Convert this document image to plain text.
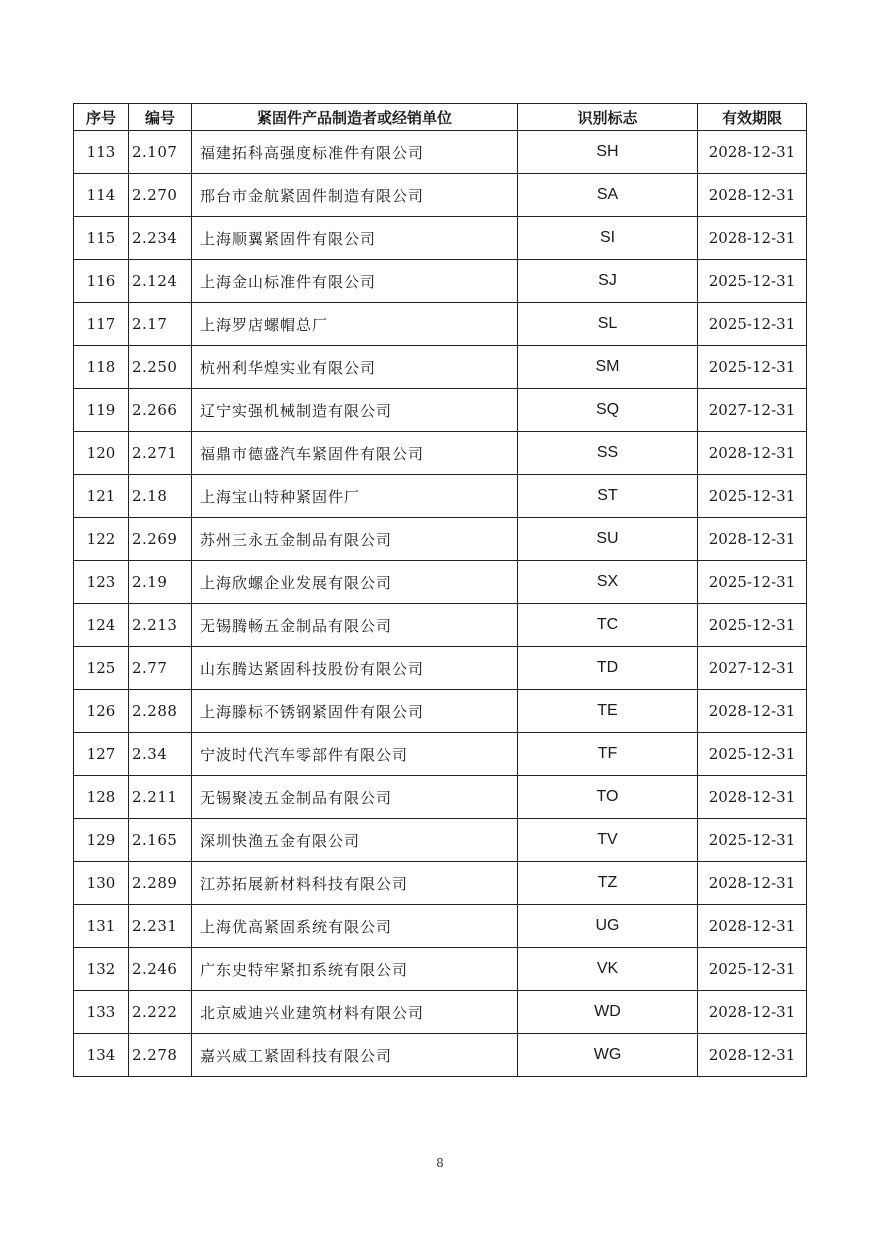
序号	编号	紧固件产品制造者或经销单位	识别标志	有效期限
113	2.107	福建拓科高强度标准件有限公司	SH	2028-12-31
114	2.270	邢台市金航紧固件制造有限公司	SA	2028-12-31
115	2.234	上海顺翼紧固件有限公司	SI	2028-12-31
116	2.124	上海金山标准件有限公司	SJ	2025-12-31
117	2.17	上海罗店螺帽总厂	SL	2025-12-31
118	2.250	杭州利华煌实业有限公司	SM	2025-12-31
119	2.266	辽宁实强机械制造有限公司	SQ	2027-12-31
120	2.271	福鼎市德盛汽车紧固件有限公司	SS	2028-12-31
121	2.18	上海宝山特种紧固件厂	ST	2025-12-31
122	2.269	苏州三永五金制品有限公司	SU	2028-12-31
123	2.19	上海欣螺企业发展有限公司	SX	2025-12-31
124	2.213	无锡腾畅五金制品有限公司	TC	2025-12-31
125	2.77	山东腾达紧固科技股份有限公司	TD	2027-12-31
126	2.288	上海滕标不锈钢紧固件有限公司	TE	2028-12-31
127	2.34	宁波时代汽车零部件有限公司	TF	2025-12-31
128	2.211	无锡聚凌五金制品有限公司	TO	2028-12-31
129	2.165	深圳快渔五金有限公司	TV	2025-12-31
130	2.289	江苏拓展新材料科技有限公司	TZ	2028-12-31
131	2.231	上海优高紧固系统有限公司	UG	2028-12-31
132	2.246	广东史特牢紧扣系统有限公司	VK	2025-12-31
133	2.222	北京威迪兴业建筑材料有限公司	WD	2028-12-31
134	2.278	嘉兴威工紧固科技有限公司	WG	2028-12-31
8
